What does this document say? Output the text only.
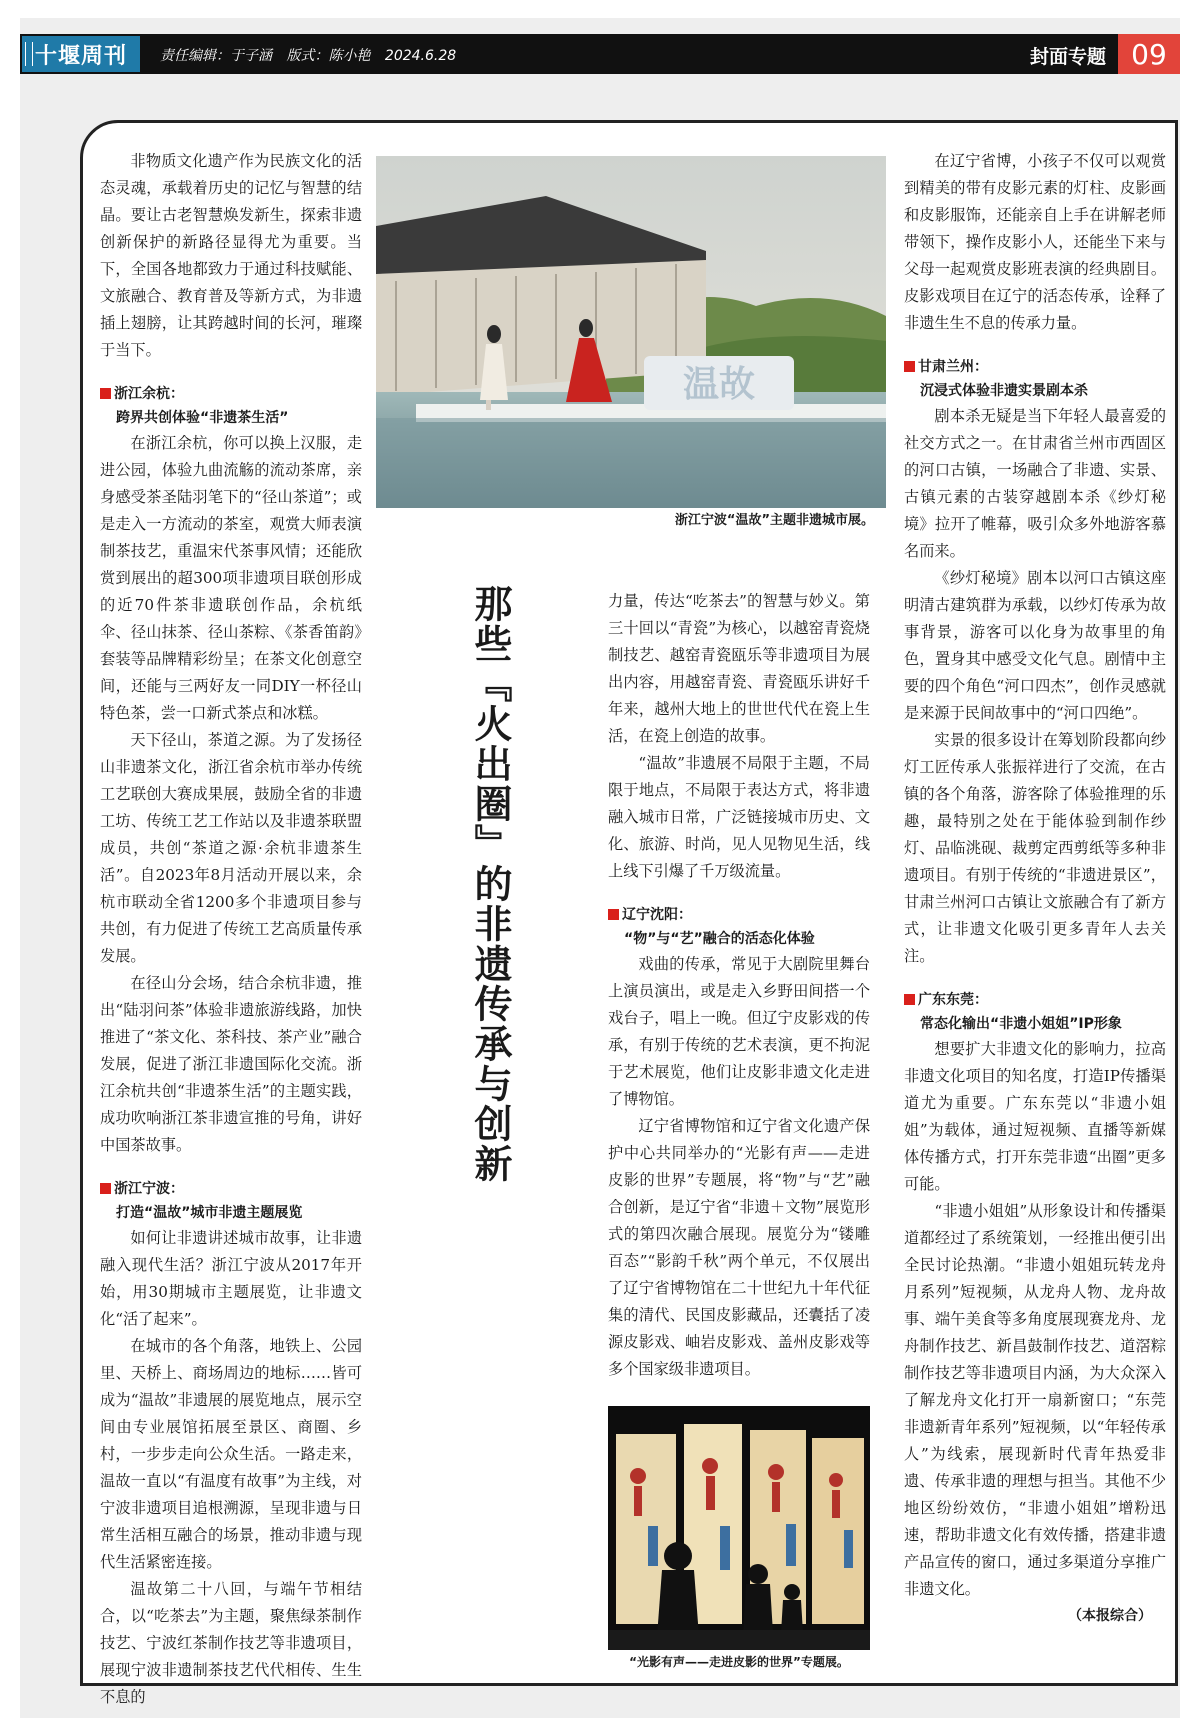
十堰周刊 责任编辑：于子涵 版式：陈小艳 2024.6.28	封面专题 09

非物质文化遗产作为民族文化的活态灵魂，承载着历史的记忆与智慧的结晶。要让古老智慧焕发新生，探索非遗创新保护的新路径显得尤为重要。当下，全国各地都致力于通过科技赋能、文旅融合、教育普及等新方式，为非遗插上翅膀，让其跨越时间的长河，璀璨于当下。

浙江余杭：
跨界共创体验“非遗茶生活”

在浙江余杭，你可以换上汉服，走进公园，体验九曲流觞的流动茶席，亲身感受茶圣陆羽笔下的“径山茶道”；或是走入一方流动的茶室，观赏大师表演制茶技艺，重温宋代茶事风情；还能欣赏到展出的超300项非遗项目联创形成的近70件茶非遗联创作品，余杭纸伞、径山抹茶、径山茶粽、《茶香笛韵》套装等品牌精彩纷呈；在茶文化创意空间，还能与三两好友一同DIY一杯径山特色茶，尝一口新式茶点和冰糕。

天下径山，茶道之源。为了发扬径山非遗茶文化，浙江省余杭市举办传统工艺联创大赛成果展，鼓励全省的非遗工坊、传统工艺工作站以及非遗茶联盟成员，共创“茶道之源·余杭非遗茶生活”。自2023年8月活动开展以来，余杭市联动全省1200多个非遗项目参与共创，有力促进了传统工艺高质量传承发展。

在径山分会场，结合余杭非遗，推出“陆羽问茶”体验非遗旅游线路，加快推进了“茶文化、茶科技、茶产业”融合发展，促进了浙江非遗国际化交流。浙江余杭共创“非遗茶生活”的主题实践，成功吹响浙江茶非遗宣推的号角，讲好中国茶故事。

浙江宁波：
打造“温故”城市非遗主题展览

如何让非遗讲述城市故事，让非遗融入现代生活？浙江宁波从2017年开始，用30期城市主题展览，让非遗文化“活了起来”。

在城市的各个角落，地铁上、公园里、天桥上、商场周边的地标……皆可成为“温故”非遗展的展览地点，展示空间由专业展馆拓展至景区、商圈、乡村，一步步走向公众生活。一路走来，温故一直以“有温度有故事”为主线，对宁波非遗项目追根溯源，呈现非遗与日常生活相互融合的场景，推动非遗与现代生活紧密连接。

温故第二十八回，与端午节相结合，以“吃茶去”为主题，聚焦绿茶制作技艺、宁波红茶制作技艺等非遗项目，展现宁波非遗制茶技艺代代相传、生生不息的

温故
浙江宁波“温故”主题非遗城市展。
那些『火出圈』的非遗传承与创新	力量，传达“吃茶去”的智慧与妙义。第三十回以“青瓷”为核心，以越窑青瓷烧制技艺、越窑青瓷瓯乐等非遗项目为展出内容，用越窑青瓷、青瓷瓯乐讲好千年来，越州大地上的世世代代在瓷上生活，在瓷上创造的故事。

“温故”非遗展不局限于主题，不局限于地点，不局限于表达方式，将非遗融入城市日常，广泛链接城市历史、文化、旅游、时尚，见人见物见生活，线上线下引爆了千万级流量。

辽宁沈阳：
“物”与“艺”融合的活态化体验

戏曲的传承，常见于大剧院里舞台上演员演出，或是走入乡野田间搭一个戏台子，唱上一晚。但辽宁皮影戏的传承，有别于传统的艺术表演，更不拘泥于艺术展览，他们让皮影非遗文化走进了博物馆。

辽宁省博物馆和辽宁省文化遗产保护中心共同举办的“光影有声——走进皮影的世界”专题展，将“物”与“艺”融合创新，是辽宁省“非遗＋文物”展览形式的第四次融合展现。展览分为“镂雕百态”“影韵千秋”两个单元，不仅展出了辽宁省博物馆在二十世纪九十年代征集的清代、民国皮影藏品，还囊括了凌源皮影戏、岫岩皮影戏、盖州皮影戏等多个国家级非遗项目。

“光影有声——走进皮影的世界”专题展。

在辽宁省博，小孩子不仅可以观赏到精美的带有皮影元素的灯柱、皮影画和皮影服饰，还能亲自上手在讲解老师带领下，操作皮影小人，还能坐下来与父母一起观赏皮影班表演的经典剧目。皮影戏项目在辽宁的活态传承，诠释了非遗生生不息的传承力量。

甘肃兰州：
沉浸式体验非遗实景剧本杀

剧本杀无疑是当下年轻人最喜爱的社交方式之一。在甘肃省兰州市西固区的河口古镇，一场融合了非遗、实景、古镇元素的古装穿越剧本杀《纱灯秘境》拉开了帷幕，吸引众多外地游客慕名而来。

《纱灯秘境》剧本以河口古镇这座明清古建筑群为承载，以纱灯传承为故事背景，游客可以化身为故事里的角色，置身其中感受文化气息。剧情中主要的四个角色“河口四杰”，创作灵感就是来源于民间故事中的“河口四绝”。

实景的很多设计在筹划阶段都向纱灯工匠传承人张振祥进行了交流，在古镇的各个角落，游客除了体验推理的乐趣，最特别之处在于能体验到制作纱灯、品临洮砚、裁剪定西剪纸等多种非遗项目。有别于传统的“非遗进景区”，甘肃兰州河口古镇让文旅融合有了新方式，让非遗文化吸引更多青年人去关注。

广东东莞：
常态化输出“非遗小姐姐”IP形象

想要扩大非遗文化的影响力，拉高非遗文化项目的知名度，打造IP传播渠道尤为重要。广东东莞以“非遗小姐姐”为载体，通过短视频、直播等新媒体传播方式，打开东莞非遗“出圈”更多可能。

“非遗小姐姐”从形象设计和传播渠道都经过了系统策划，一经推出便引出全民讨论热潮。“非遗小姐姐玩转龙舟月系列”短视频，从龙舟人物、龙舟故事、端午美食等多角度展现赛龙舟、龙舟制作技艺、新昌鼓制作技艺、道滘粽制作技艺等非遗项目内涵，为大众深入了解龙舟文化打开一扇新窗口；“东莞非遗新青年系列”短视频，以“年轻传承人”为线索，展现新时代青年热爱非遗、传承非遗的理想与担当。其他不少地区纷纷效仿，“非遗小姐姐”增粉迅速，帮助非遗文化有效传播，搭建非遗产品宣传的窗口，通过多渠道分享推广非遗文化。

（本报综合）
